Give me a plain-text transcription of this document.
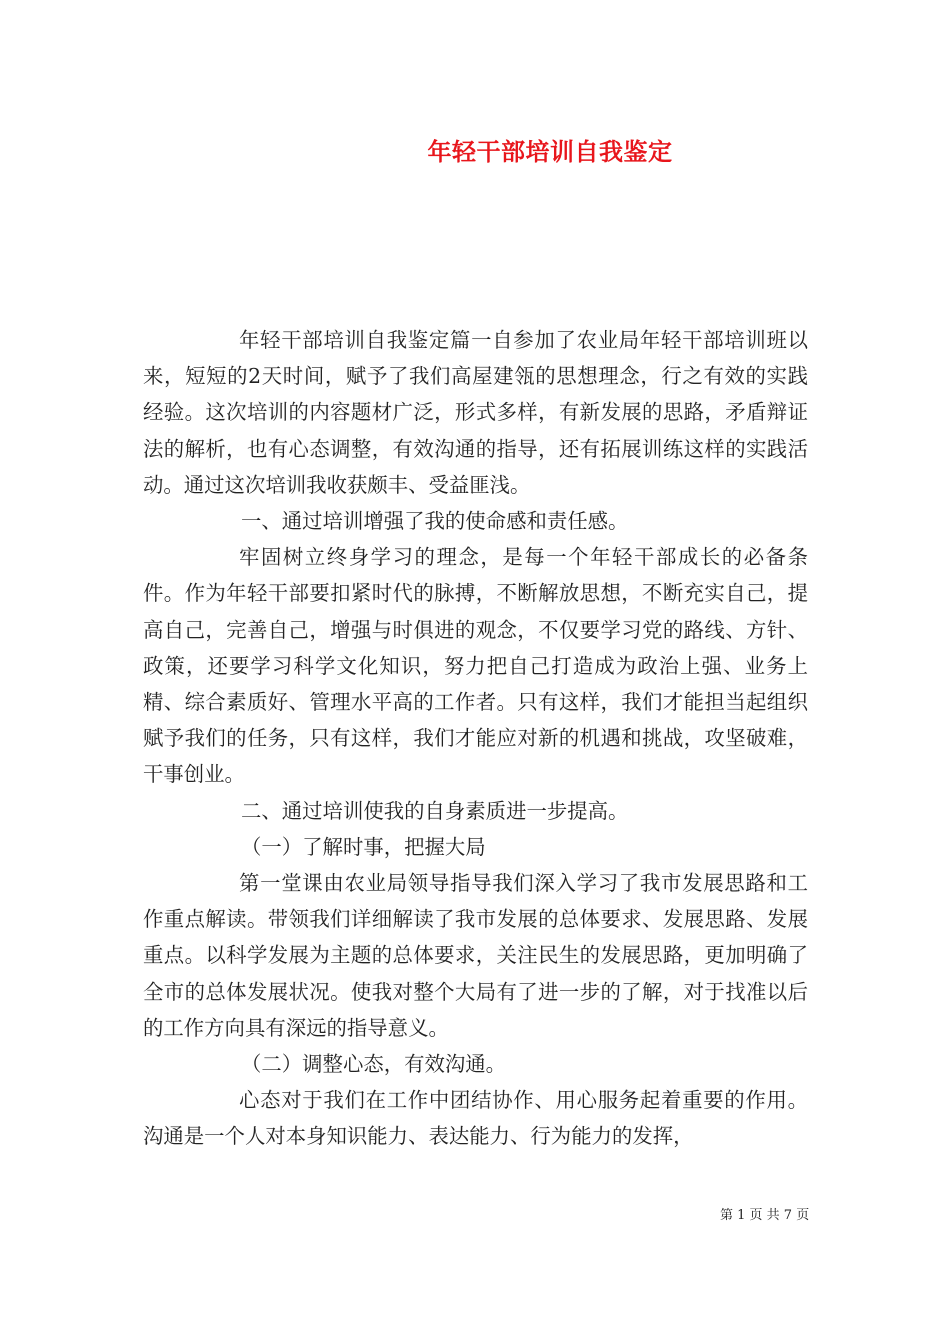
年轻干部培训自我鉴定

年轻干部培训自我鉴定篇一自参加了农业局年轻干部培训班以来，短短的2天时间，赋予了我们高屋建瓴的思想理念，行之有效的实践经验。这次培训的内容题材广泛，形式多样，有新发展的思路，矛盾辩证法的解析，也有心态调整，有效沟通的指导，还有拓展训练这样的实践活动。通过这次培训我收获颇丰、受益匪浅。

一、通过培训增强了我的使命感和责任感。

牢固树立终身学习的理念，是每一个年轻干部成长的必备条件。作为年轻干部要扣紧时代的脉搏，不断解放思想，不断充实自己，提高自己，完善自己，增强与时俱进的观念，不仅要学习党的路线、方针、政策，还要学习科学文化知识，努力把自己打造成为政治上强、业务上精、综合素质好、管理水平高的工作者。只有这样，我们才能担当起组织赋予我们的任务，只有这样，我们才能应对新的机遇和挑战，攻坚破难，干事创业。

二、通过培训使我的自身素质进一步提高。

（一）了解时事，把握大局

第一堂课由农业局领导指导我们深入学习了我市发展思路和工作重点解读。带领我们详细解读了我市发展的总体要求、发展思路、发展重点。以科学发展为主题的总体要求，关注民生的发展思路，更加明确了全市的总体发展状况。使我对整个大局有了进一步的了解，对于找准以后的工作方向具有深远的指导意义。

（二）调整心态，有效沟通。

心态对于我们在工作中团结协作、用心服务起着重要的作用。沟通是一个人对本身知识能力、表达能力、行为能力的发挥，

第 1 页 共 7 页
